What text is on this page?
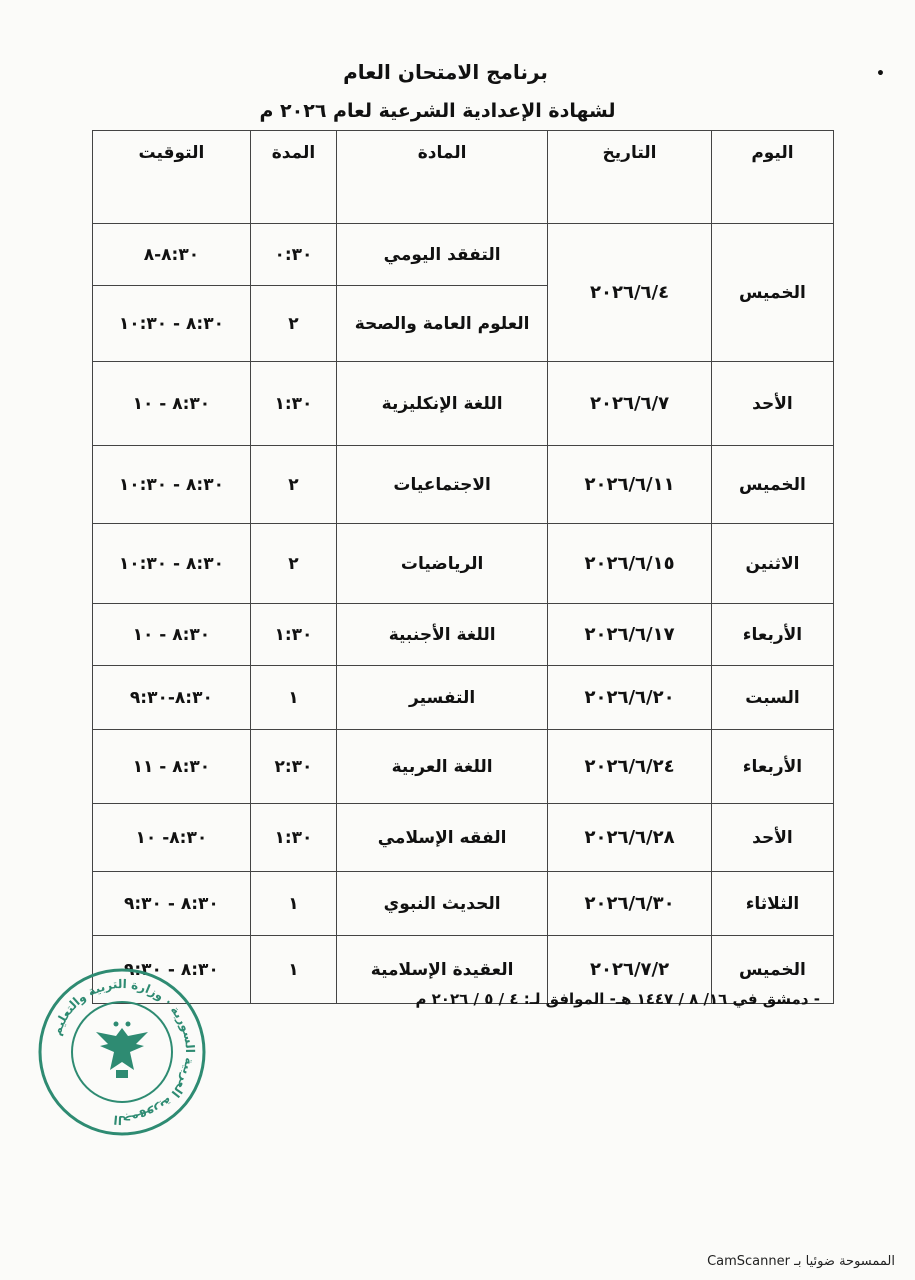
•
برنامج الامتحان العام
لشهادة الإعدادية الشرعية لعام ٢٠٢٦ م
اليوم	التاريخ	المادة	المدة	التوقيت
الخميس	٢٠٢٦/٦/٤	التفقد اليومي	٠:٣٠	٨:٣٠-٨
		العلوم العامة والصحة	٢	٨:٣٠ - ١٠:٣٠
الأحد	٢٠٢٦/٦/٧	اللغة الإنكليزية	١:٣٠	٨:٣٠ - ١٠
الخميس	٢٠٢٦/٦/١١	الاجتماعيات	٢	٨:٣٠ - ١٠:٣٠
الاثنين	٢٠٢٦/٦/١٥	الرياضيات	٢	٨:٣٠ - ١٠:٣٠
الأربعاء	٢٠٢٦/٦/١٧	اللغة الأجنبية	١:٣٠	٨:٣٠ - ١٠
السبت	٢٠٢٦/٦/٢٠	التفسير	١	٨:٣٠-٩:٣٠
الأربعاء	٢٠٢٦/٦/٢٤	اللغة العربية	٢:٣٠	٨:٣٠ - ١١
الأحد	٢٠٢٦/٦/٢٨	الفقه الإسلامي	١:٣٠	٨:٣٠- ١٠
الثلاثاء	٢٠٢٦/٦/٣٠	الحديث النبوي	١	٨:٣٠ - ٩:٣٠
الخميس	٢٠٢٦/٧/٢	العقيدة الإسلامية	١	٨:٣٠ - ٩:٣٠
- دمشق في ١٦/ ٨ / ١٤٤٧ هـ- الموافق لـ: ٤ / ٥ / ٢٠٢٦ م
الجمهورية العربية السورية · وزارة التربية والتعليم
الممسوحة ضوئيا بـ CamScanner
